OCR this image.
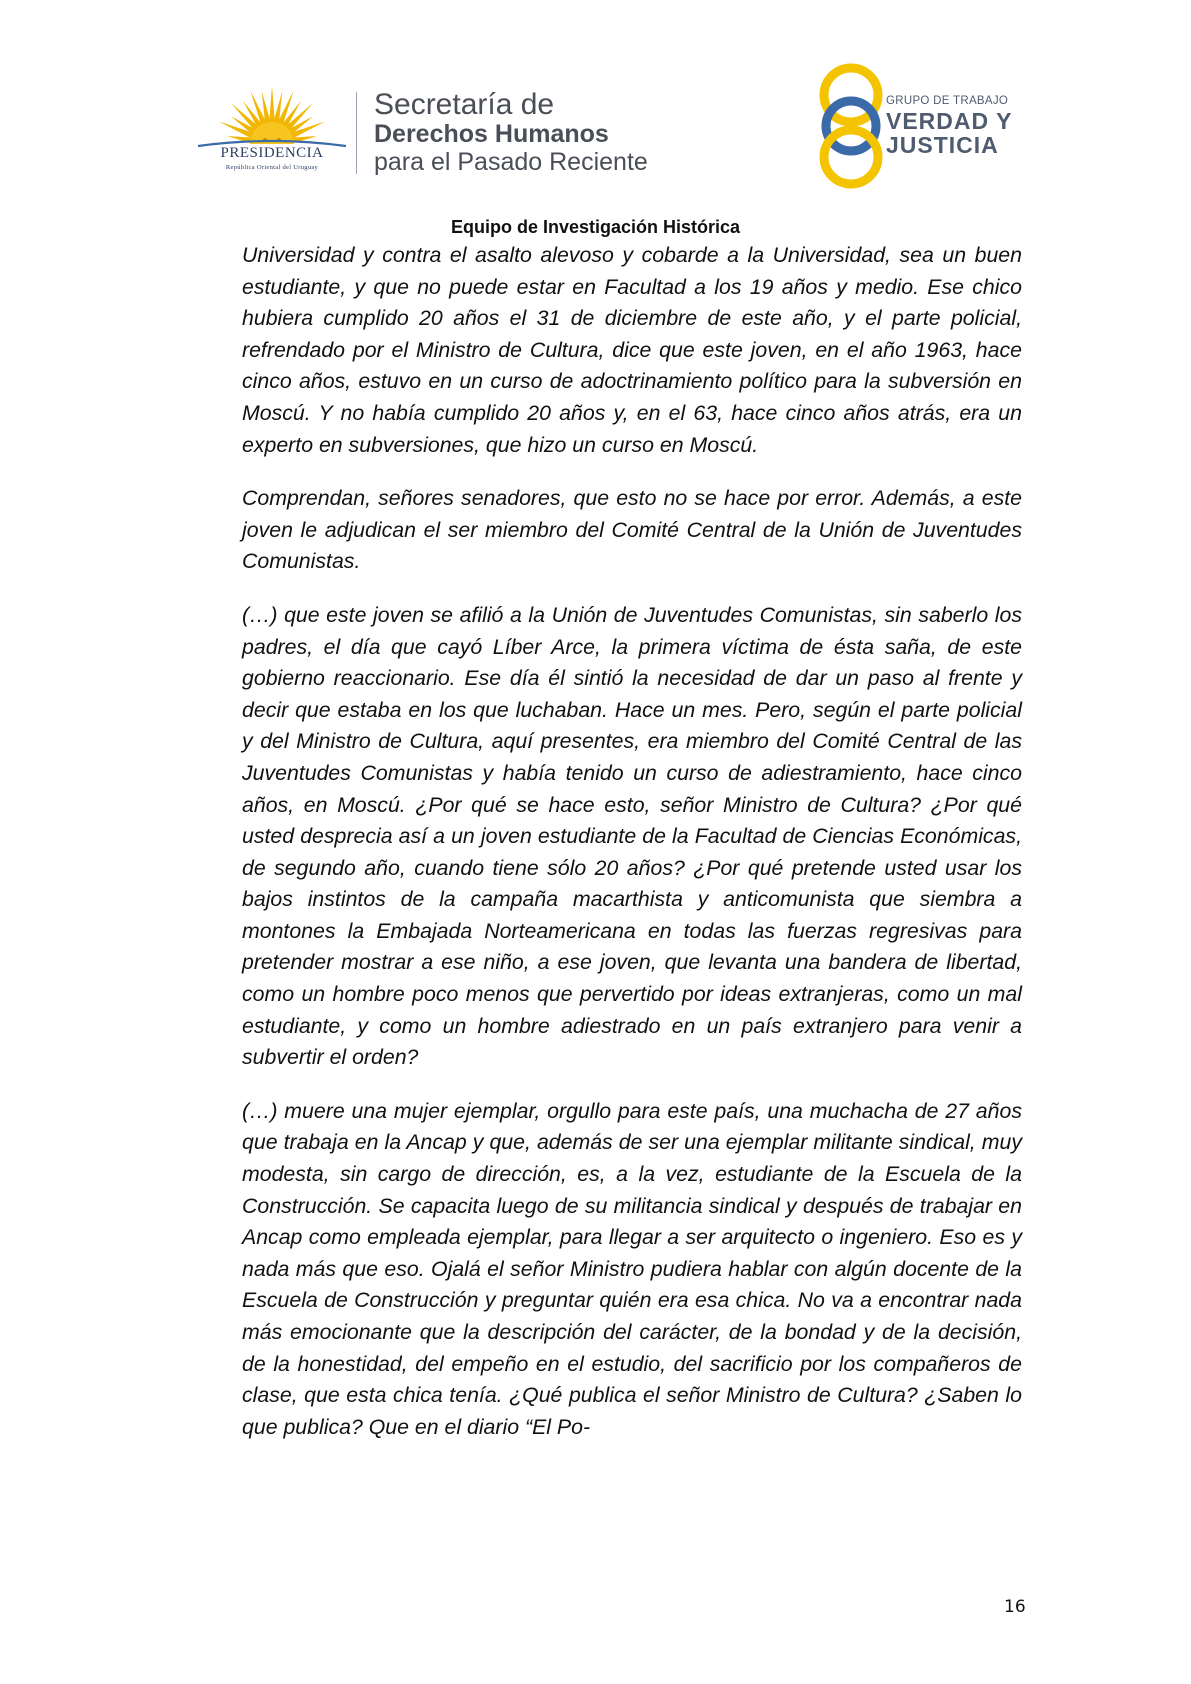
PRESIDENCIA
República Oriental del Uruguay
Secretaría de
Derechos Humanos
para el Pasado Reciente
GRUPO DE TRABAJO
VERDAD Y
JUSTICIA
Equipo de Investigación Histórica

Universidad y contra el asalto alevoso y cobarde a la Universidad, sea un buen estudiante, y que no puede estar en Facultad a los 19 años y medio. Ese chico hubiera cumplido 20 años el 31 de diciembre de este año, y el parte policial, refrendado por el Ministro de Cultura, dice que este joven, en el año 1963, hace cinco años, estuvo en un curso de adoctrinamiento político para la subversión en Moscú. Y no había cumplido 20 años y, en el 63, hace cinco años atrás, era un experto en subversiones, que hizo un curso en Moscú.

Comprendan, señores senadores, que esto no se hace por error. Además, a este joven le adjudican el ser miembro del Comité Central de la Unión de Juventudes Comunistas.

(…) que este joven se afilió a la Unión de Juventudes Comunistas, sin saberlo los padres, el día que cayó Líber Arce, la primera víctima de ésta saña, de este gobierno reaccionario. Ese día él sintió la necesidad de dar un paso al frente y decir que estaba en los que luchaban. Hace un mes. Pero, según el parte policial y del Ministro de Cultura, aquí presentes, era miembro del Comité Central de las Juventudes Comunistas y había tenido un curso de adiestramiento, hace cinco años, en Moscú. ¿Por qué se hace esto, señor Ministro de Cultura? ¿Por qué usted desprecia así a un joven estudiante de la Facultad de Ciencias Económicas, de segundo año, cuando tiene sólo 20 años? ¿Por qué pretende usted usar los bajos instintos de la campaña macarthista y anticomunista que siembra a montones la Embajada Norteamericana en todas las fuerzas regresivas para pretender mostrar a ese niño, a ese joven, que levanta una bandera de libertad, como un hombre poco menos que pervertido por ideas extranjeras, como un mal estudiante, y como un hombre adiestrado en un país extranjero para venir a subvertir el orden?

(…) muere una mujer ejemplar, orgullo para este país, una muchacha de 27 años que trabaja en la Ancap y que, además de ser una ejemplar militante sindical, muy modesta, sin cargo de dirección, es, a la vez, estudiante de la Escuela de la Construcción. Se capacita luego de su militancia sindical y después de trabajar en Ancap como empleada ejemplar, para llegar a ser arquitecto o ingeniero. Eso es y nada más que eso. Ojalá el señor Ministro pudiera hablar con algún docente de la Escuela de Construcción y preguntar quién era esa chica. No va a encontrar nada más emocionante que la descripción del carácter, de la bondad y de la decisión, de la honestidad, del empeño en el estudio, del sacrificio por los compañeros de clase, que esta chica tenía. ¿Qué publica el señor Ministro de Cultura? ¿Saben lo que publica? Que en el diario “El Po-

16
